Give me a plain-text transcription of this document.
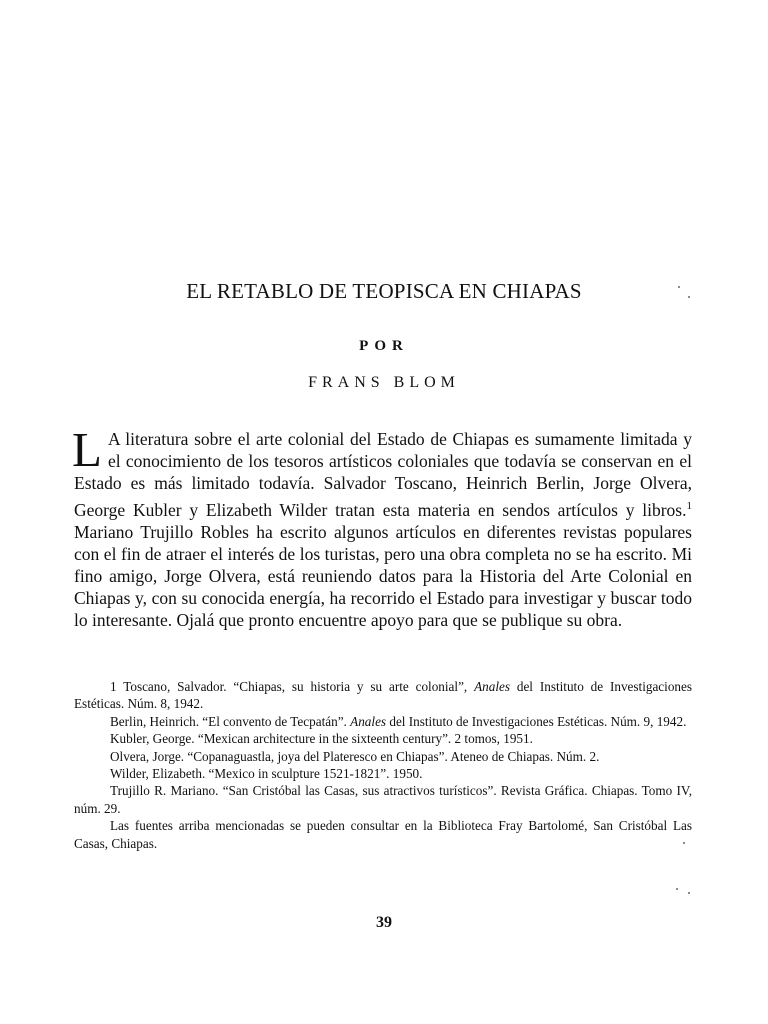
EL RETABLO DE TEOPISCA EN CHIAPAS
POR
FRANS BLOM
L A literatura sobre el arte colonial del Estado de Chiapas es sumamente limitada y el conocimiento de los tesoros artísticos coloniales que todavía se conservan en el Estado es más limitado todavía. Salvador Toscano, Heinrich Berlin, Jorge Olvera, George Kubler y Elizabeth Wilder tratan esta materia en sendos artículos y libros.$^1$ Mariano Trujillo Robles ha escrito algunos artículos en diferentes revistas populares con el fin de atraer el interés de los turistas, pero una obra completa no se ha escrito. Mi fino amigo, Jorge Olvera, está reuniendo datos para la Historia del Arte Colonial en Chiapas y, con su conocida energía, ha recorrido el Estado para investigar y buscar todo lo interesante. Ojalá que pronto encuentre apoyo para que se publique su obra.

1 Toscano, Salvador. “Chiapas, su historia y su arte colonial”, Anales del Instituto de Investigaciones Estéticas. Núm. 8, 1942.

Berlin, Heinrich. “El convento de Tecpatán”. Anales del Instituto de Investigaciones Estéticas. Núm. 9, 1942.

Kubler, George. “Mexican architecture in the sixteenth century”. 2 tomos, 1951.

Olvera, Jorge. “Copanaguastla, joya del Plateresco en Chiapas”. Ateneo de Chiapas. Núm. 2.

Wilder, Elizabeth. “Mexico in sculpture 1521-1821”. 1950.

Trujillo R. Mariano. “San Cristóbal las Casas, sus atractivos turísticos”. Revista Gráfica. Chiapas. Tomo IV, núm. 29.

Las fuentes arriba mencionadas se pueden consultar en la Biblioteca Fray Bartolomé, San Cristóbal Las Casas, Chiapas.

39
